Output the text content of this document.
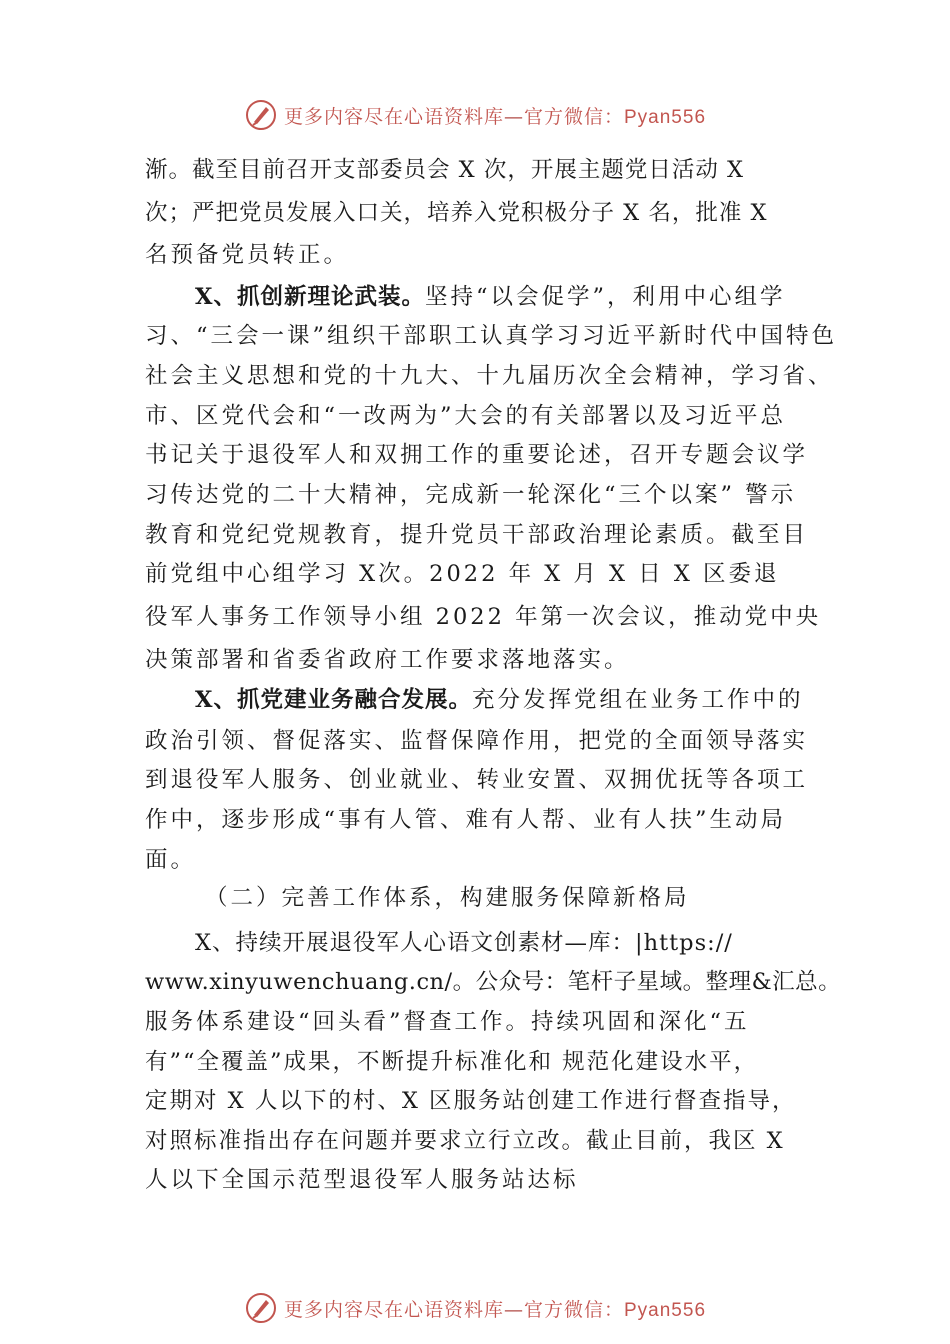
更多内容尽在心语资料库—官方微信：Pyan556
渐。截至目前召开支部委员会 X 次，开展主题党日活动 X
次；严把党员发展入口关，培养入党积极分子 X 名，批准 X
名预备党员转正。
X、抓创新理论武装。坚持“以会促学”，利用中心组学
习、“三会一课”组织干部职工认真学习习近平新时代中国特色
社会主义思想和党的十九大、十九届历次全会精神，学习省、
市、区党代会和“一改两为”大会的有关部署以及习近平总
书记关于退役军人和双拥工作的重要论述，召开专题会议学
习传达党的二十大精神，完成新一轮深化“三个以案” 警示
教育和党纪党规教育，提升党员干部政治理论素质。截至目
前党组中心组学习 X次。2022 年 X 月 X 日 X 区委退
役军人事务工作领导小组 2022 年第一次会议，推动党中央
决策部署和省委省政府工作要求落地落实。
X、抓党建业务融合发展。充分发挥党组在业务工作中的
政治引领、督促落实、监督保障作用，把党的全面领导落实
到退役军人服务、创业就业、转业安置、双拥优抚等各项工
作中，逐步形成“事有人管、难有人帮、业有人扶”生动局
面。
（二）完善工作体系，构建服务保障新格局
X、持续开展退役军人心语文创素材—库：|https://
www.xinyuwenchuang.cn/。公众号：笔杆子星域。整理&汇总。
服务体系建设“回头看”督查工作。持续巩固和深化“五
有”“全覆盖”成果，不断提升标准化和 规范化建设水平，
定期对 X 人以下的村、X 区服务站创建工作进行督查指导，
对照标准指出存在问题并要求立行立改。截止目前，我区 X
人以下全国示范型退役军人服务站达标
更多内容尽在心语资料库—官方微信：Pyan556
